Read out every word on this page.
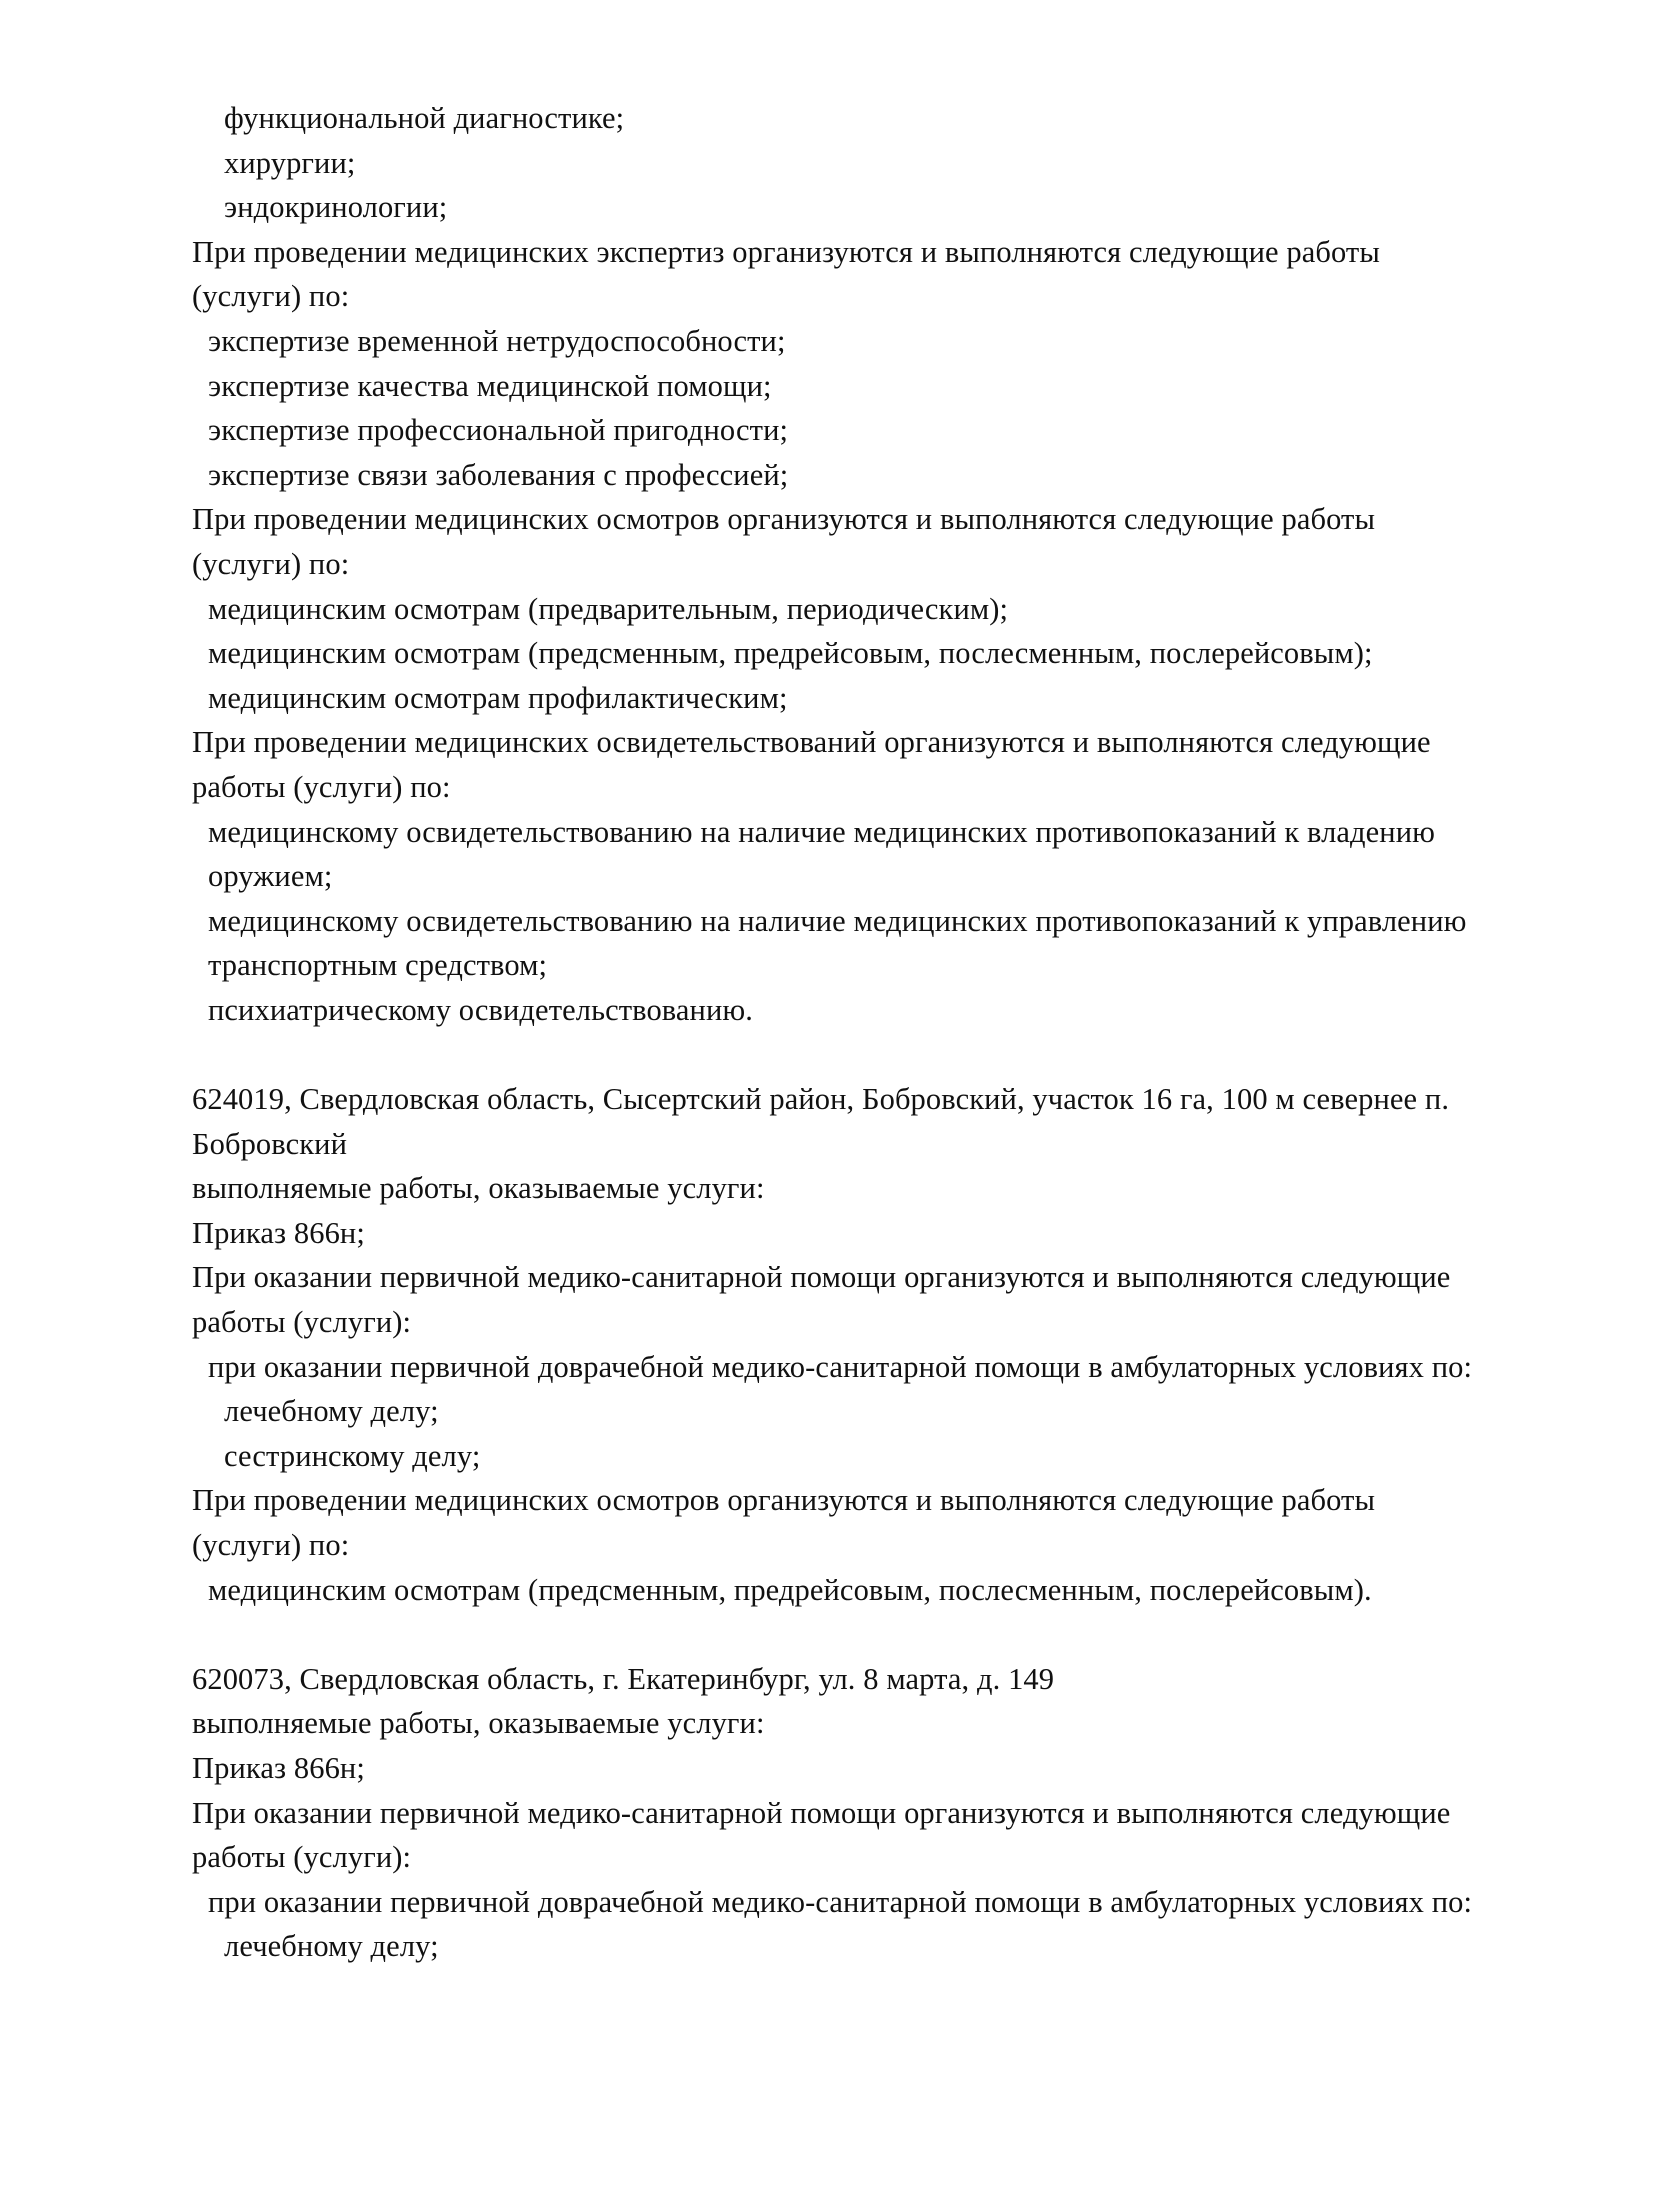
функциональной диагностике;
хирургии;
эндокринологии;
При проведении медицинских экспертиз организуются и выполняются следующие работы (услуги) по:
экспертизе временной нетрудоспособности;
экспертизе качества медицинской помощи;
экспертизе профессиональной пригодности;
экспертизе связи заболевания с профессией;
При проведении медицинских осмотров организуются и выполняются следующие работы (услуги) по:
медицинским осмотрам (предварительным, периодическим);
медицинским осмотрам (предсменным, предрейсовым, послесменным, послерейсовым);
медицинским осмотрам профилактическим;
При проведении медицинских освидетельствований организуются и выполняются следующие работы (услуги) по:
медицинскому освидетельствованию на наличие медицинских противопоказаний к владению оружием;
медицинскому освидетельствованию на наличие медицинских противопоказаний к управлению транспортным средством;
психиатрическому освидетельствованию.
624019, Свердловская область, Сысертский район, Бобровский, участок 16 га, 100 м севернее п. Бобровский
выполняемые работы, оказываемые услуги:
Приказ 866н;
При оказании первичной медико-санитарной помощи организуются и выполняются следующие работы (услуги):
при оказании первичной доврачебной медико-санитарной помощи в амбулаторных условиях по:
лечебному делу;
сестринскому делу;
При проведении медицинских осмотров организуются и выполняются следующие работы (услуги) по:
медицинским осмотрам (предсменным, предрейсовым, послесменным, послерейсовым).
620073, Свердловская область, г. Екатеринбург, ул. 8 марта, д. 149
выполняемые работы, оказываемые услуги:
Приказ 866н;
При оказании первичной медико-санитарной помощи организуются и выполняются следующие работы (услуги):
при оказании первичной доврачебной медико-санитарной помощи в амбулаторных условиях по:
лечебному делу;
